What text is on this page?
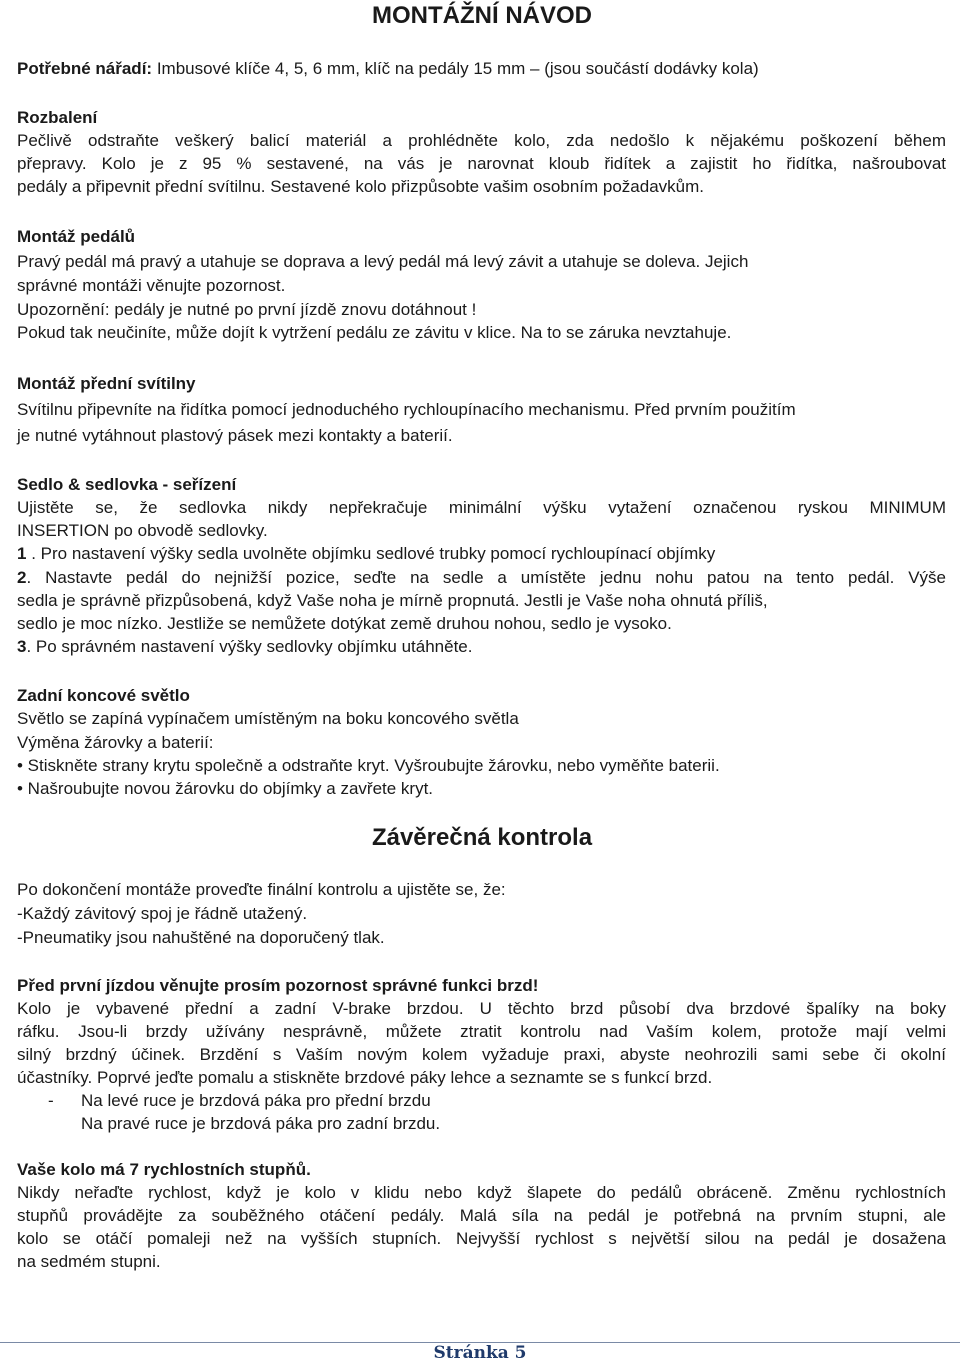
MONTÁŽNÍ NÁVOD
Potřebné nářadí: Imbusové klíče 4, 5, 6 mm, klíč na pedály 15 mm – (jsou součástí dodávky kola)
Rozbalení
Pečlivě odstraňte veškerý balicí materiál a prohlédněte kolo, zda nedošlo k nějakému poškození během
přepravy. Kolo je z 95 % sestavené, na vás je narovnat kloub řidítek a zajistit ho řidítka, našroubovat
pedály a připevnit přední svítilnu. Sestavené kolo přizpůsobte vašim osobním požadavkům.
Montáž pedálů
Pravý pedál má pravý a utahuje se doprava a levý pedál má levý závit a utahuje se doleva. Jejich
správné montáži věnujte pozornost.
Upozornění: pedály je nutné po první jízdě znovu dotáhnout !
Pokud tak neučiníte, může dojít k vytržení pedálu ze závitu v klice. Na to se záruka nevztahuje.
Montáž přední svítilny
Svítilnu připevníte na řidítka pomocí jednoduchého rychloupínacího mechanismu. Před prvním použitím
je nutné vytáhnout plastový pásek mezi kontakty a baterií.
Sedlo & sedlovka - seřízení
Ujistěte se, že sedlovka nikdy nepřekračuje minimální výšku vytažení označenou ryskou MINIMUM
INSERTION po obvodě sedlovky.
1 . Pro nastavení výšky sedla uvolněte objímku sedlové trubky pomocí rychloupínací objímky
2. Nastavte pedál do nejnižší pozice, seďte na sedle a umístěte jednu nohu patou na tento pedál. Výše
sedla je správně přizpůsobená, když Vaše noha je mírně propnutá. Jestli je Vaše noha ohnutá příliš,
sedlo je moc nízko. Jestliže se nemůžete dotýkat země druhou nohou, sedlo je vysoko.
3. Po správném nastavení výšky sedlovky objímku utáhněte.
Zadní koncové světlo
Světlo se zapíná vypínačem umístěným na boku koncového světla
Výměna žárovky a baterií:
• Stiskněte strany krytu společně a odstraňte kryt. Vyšroubujte žárovku, nebo vyměňte baterii.
• Našroubujte novou žárovku do objímky a zavřete kryt.
Závěrečná kontrola
Po dokončení montáže proveďte finální kontrolu a ujistěte se, že:
-Každý závitový spoj je řádně utažený.
-Pneumatiky jsou nahuštěné na doporučený tlak.
Před první jízdou věnujte prosím pozornost správné funkci brzd!
Kolo je vybavené přední a zadní V-brake brzdou. U těchto brzd působí dva brzdové špalíky na boky
ráfku. Jsou-li brzdy užívány nesprávně, můžete ztratit kontrolu nad Vaším kolem, protože mají velmi
silný brzdný účinek. Brzdění s Vaším novým kolem vyžaduje praxi, abyste neohrozili sami sebe či okolní
účastníky. Poprvé jeďte pomalu a stiskněte brzdové páky lehce a seznamte se s funkcí brzd.
- Na levé ruce je brzdová páka pro přední brzdu
Na pravé ruce je brzdová páka pro zadní brzdu.
Vaše kolo má 7 rychlostních stupňů.
Nikdy neřaďte rychlost, když je kolo v klidu nebo když šlapete do pedálů obráceně. Změnu rychlostních
stupňů provádějte za souběžného otáčení pedály. Malá síla na pedál je potřebná na prvním stupni, ale
kolo se otáčí pomaleji než na vyšších stupních. Nejvyšší rychlost s největší silou na pedál je dosažena
na sedmém stupni.
Stránka 5
